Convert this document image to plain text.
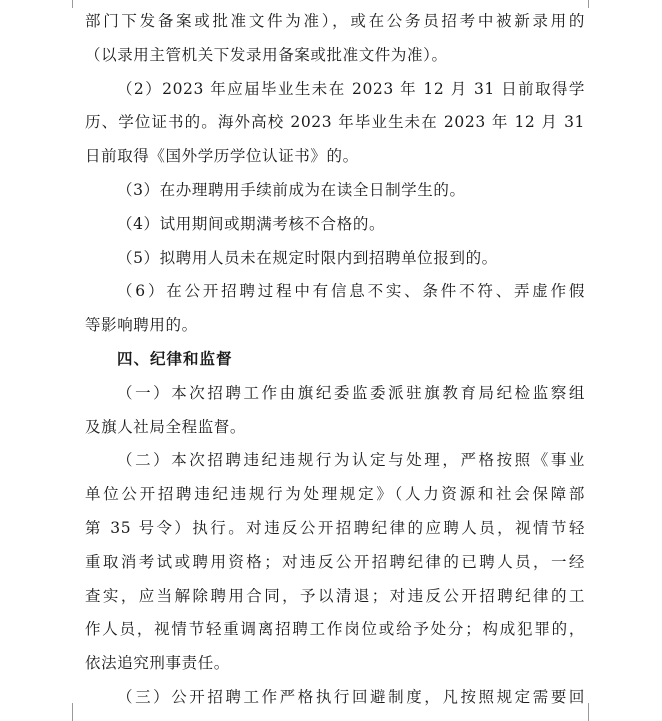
部门下发备案或批准文件为准），或在公务员招考中被新录用的
（以录用主管机关下发录用备案或批准文件为准）。
（2）2023 年应届毕业生未在 2023 年 12 月 31 日前取得学
历、学位证书的。海外高校 2023 年毕业生未在 2023 年 12 月 31
日前取得《国外学历学位认证书》的。
（3）在办理聘用手续前成为在读全日制学生的。
（4）试用期间或期满考核不合格的。
（5）拟聘用人员未在规定时限内到招聘单位报到的。
（6）在公开招聘过程中有信息不实、条件不符、弄虚作假
等影响聘用的。
四、纪律和监督
（一）本次招聘工作由旗纪委监委派驻旗教育局纪检监察组
及旗人社局全程监督。
（二）本次招聘违纪违规行为认定与处理，严格按照《事业
单位公开招聘违纪违规行为处理规定》（人力资源和社会保障部
第 35 号令）执行。对违反公开招聘纪律的应聘人员，视情节轻
重取消考试或聘用资格；对违反公开招聘纪律的已聘人员，一经
查实，应当解除聘用合同，予以清退；对违反公开招聘纪律的工
作人员，视情节轻重调离招聘工作岗位或给予处分；构成犯罪的，
依法追究刑事责任。
（三）公开招聘工作严格执行回避制度，凡按照规定需要回
